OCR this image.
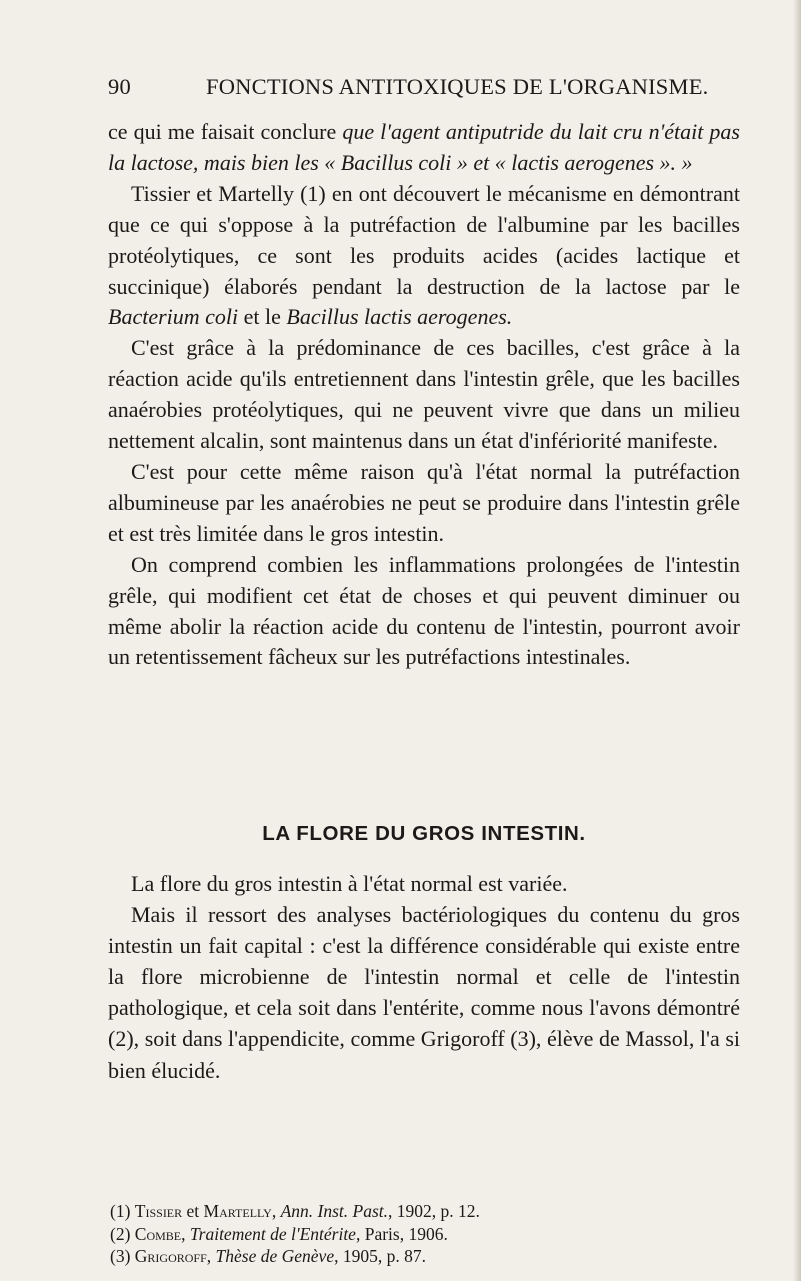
90	FONCTIONS ANTITOXIQUES DE L'ORGANISME.

ce qui me faisait conclure que l'agent antiputride du lait cru n'était pas la lactose, mais bien les « Bacillus coli » et « lactis aerogenes ». »

Tissier et Martelly (1) en ont découvert le mécanisme en démontrant que ce qui s'oppose à la putréfaction de l'albumine par les bacilles protéolytiques, ce sont les produits acides (acides lactique et succinique) élaborés pendant la destruction de la lactose par le Bacterium coli et le Bacillus lactis aerogenes.

C'est grâce à la prédominance de ces bacilles, c'est grâce à la réaction acide qu'ils entretiennent dans l'intestin grêle, que les bacilles anaérobies protéolytiques, qui ne peuvent vivre que dans un milieu nettement alcalin, sont maintenus dans un état d'infériorité manifeste.

C'est pour cette même raison qu'à l'état normal la putréfaction albumineuse par les anaérobies ne peut se produire dans l'intestin grêle et est très limitée dans le gros intestin.

On comprend combien les inflammations prolongées de l'intestin grêle, qui modifient cet état de choses et qui peuvent diminuer ou même abolir la réaction acide du contenu de l'intestin, pourront avoir un retentissement fâcheux sur les putréfactions intestinales.

LA FLORE DU GROS INTESTIN.

La flore du gros intestin à l'état normal est variée.

Mais il ressort des analyses bactériologiques du contenu du gros intestin un fait capital : c'est la différence considérable qui existe entre la flore microbienne de l'intestin normal et celle de l'intestin pathologique, et cela soit dans l'entérite, comme nous l'avons démontré (2), soit dans l'appendicite, comme Grigoroff (3), élève de Massol, l'a si bien élucidé.

(1) Tissier et Martelly, Ann. Inst. Past., 1902, p. 12.
(2) Combe, Traitement de l'Entérite, Paris, 1906.
(3) Grigoroff, Thèse de Genève, 1905, p. 87.
